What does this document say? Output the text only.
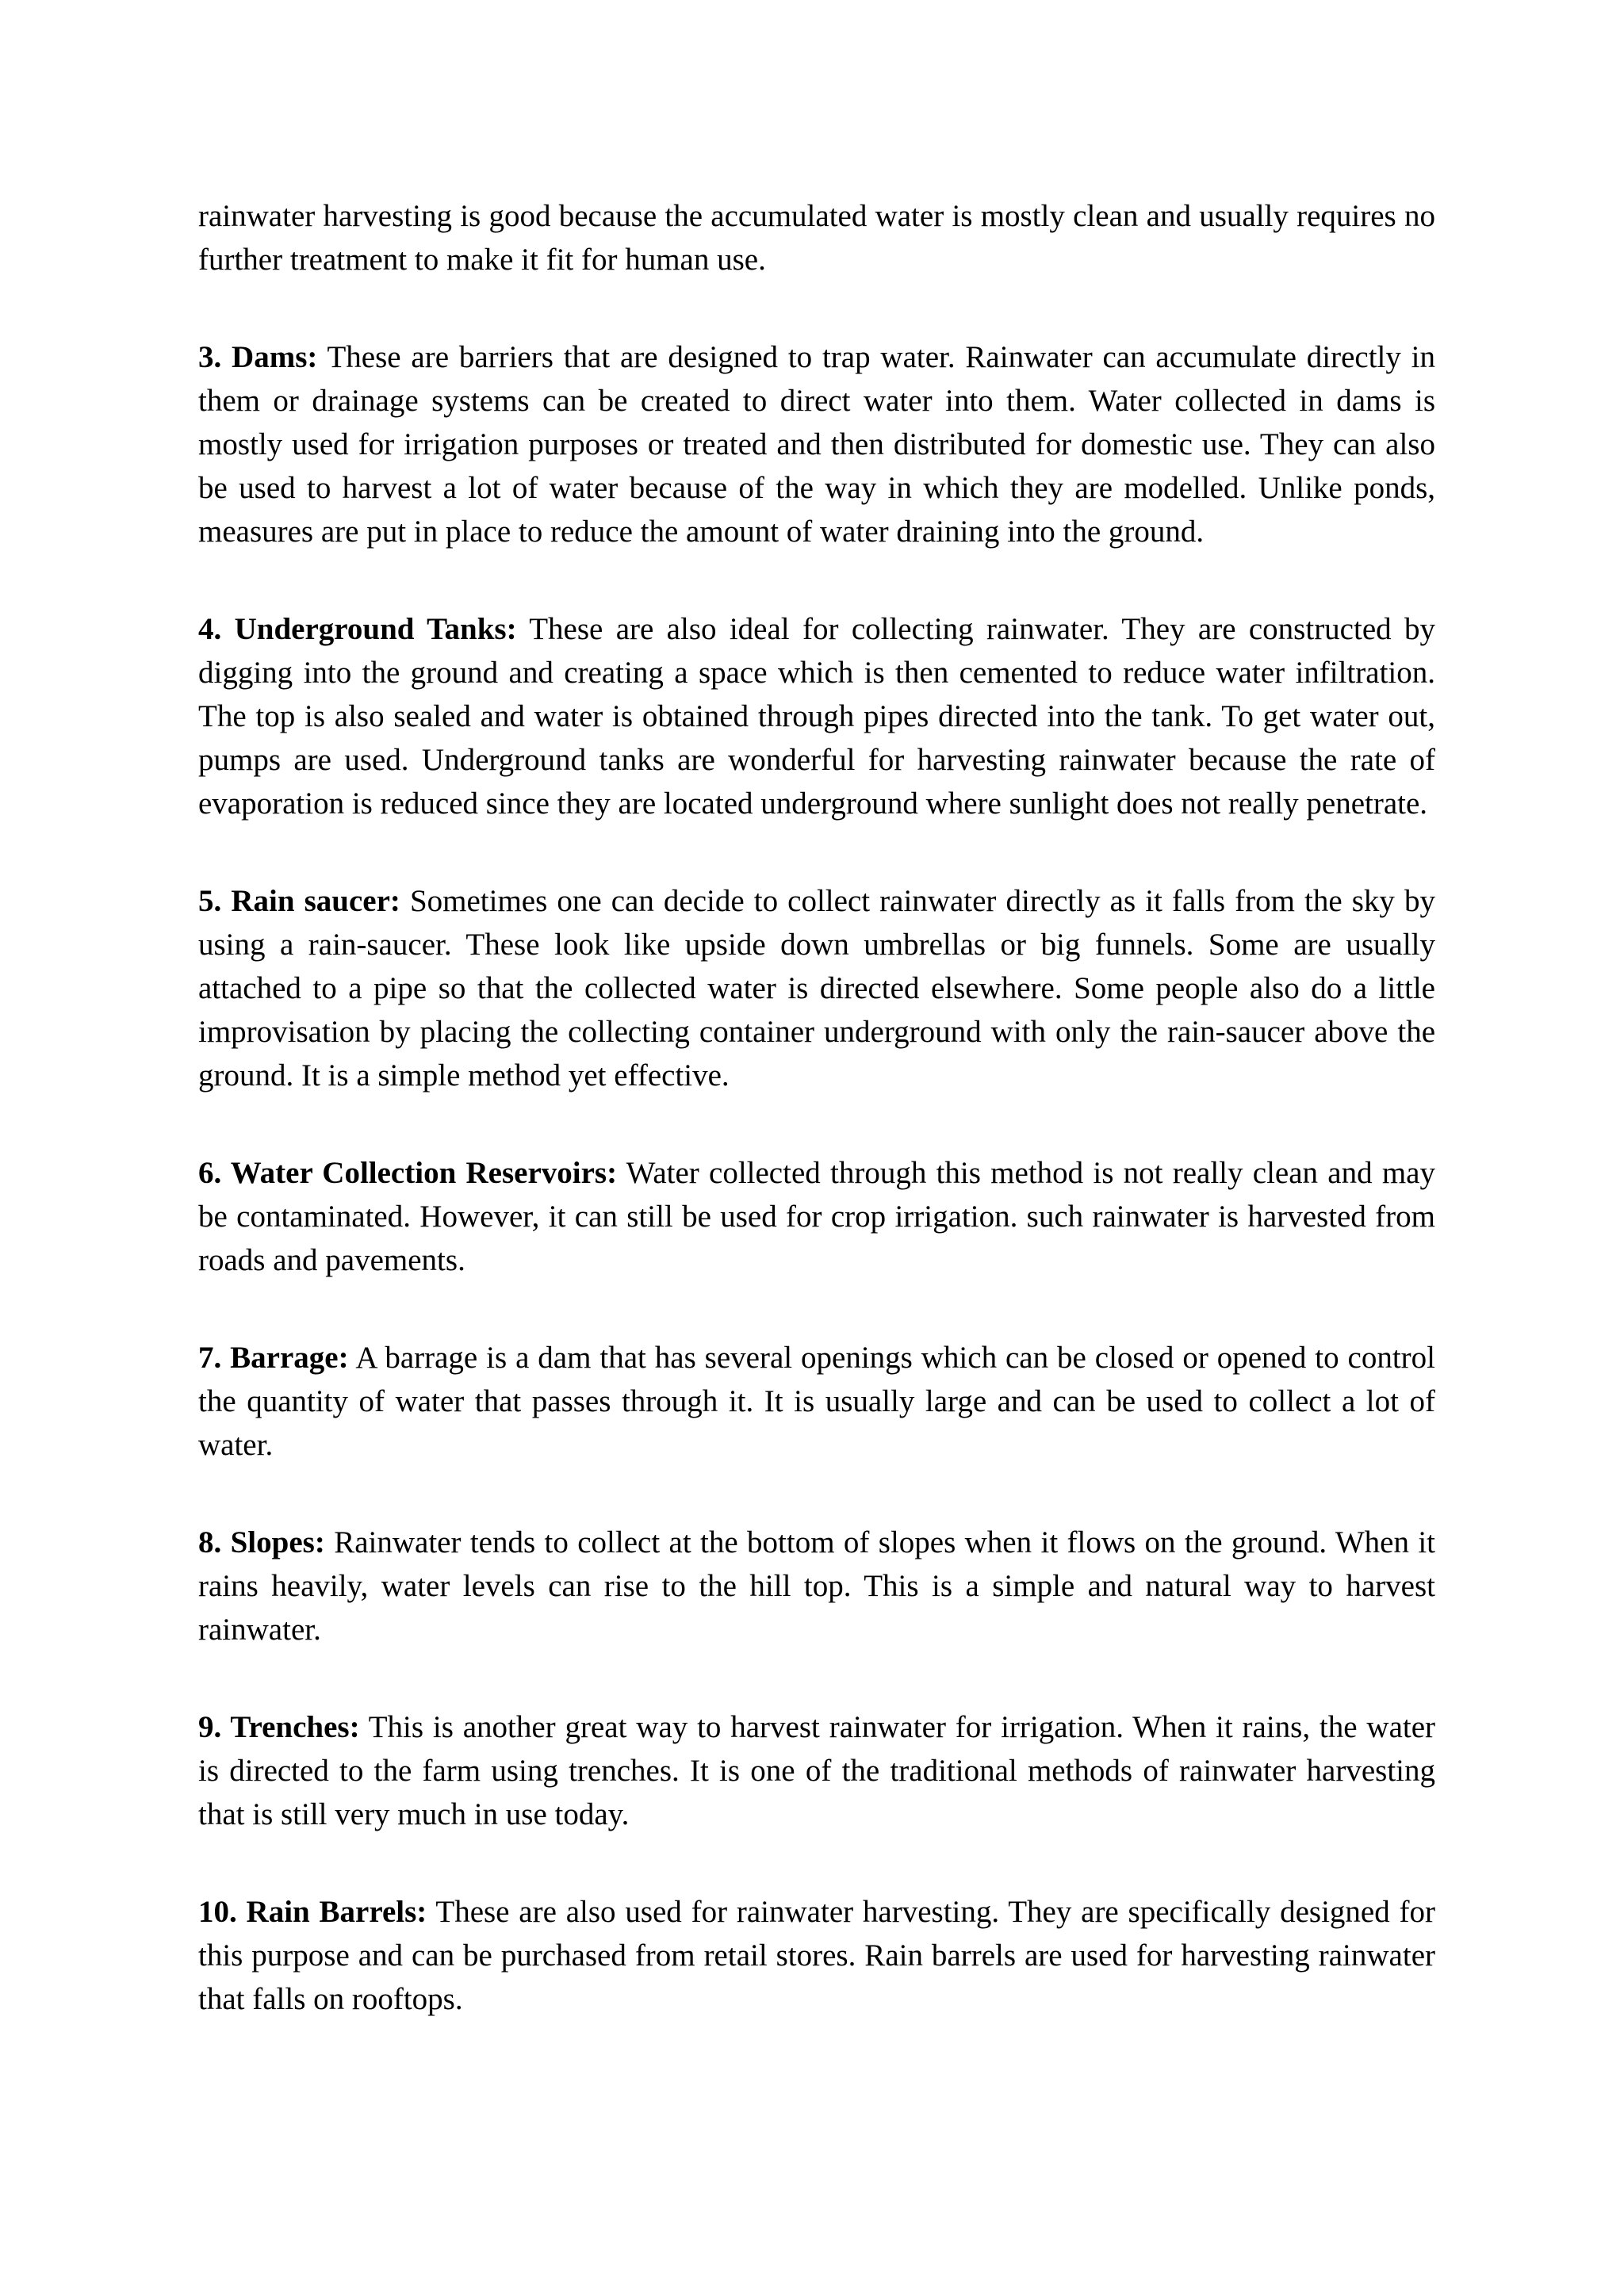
rainwater harvesting is good because the accumulated water is mostly clean and usually requires no further treatment to make it fit for human use.

3. Dams: These are barriers that are designed to trap water. Rainwater can accumulate directly in them or drainage systems can be created to direct water into them. Water collected in dams is mostly used for irrigation purposes or treated and then distributed for domestic use. They can also be used to harvest a lot of water because of the way in which they are modelled. Unlike ponds, measures are put in place to reduce the amount of water draining into the ground.

4. Underground Tanks: These are also ideal for collecting rainwater. They are constructed by digging into the ground and creating a space which is then cemented to reduce water infiltration. The top is also sealed and water is obtained through pipes directed into the tank. To get water out, pumps are used. Underground tanks are wonderful for harvesting rainwater because the rate of evaporation is reduced since they are located underground where sunlight does not really penetrate.

5. Rain saucer: Sometimes one can decide to collect rainwater directly as it falls from the sky by using a rain-saucer. These look like upside down umbrellas or big funnels. Some are usually attached to a pipe so that the collected water is directed elsewhere. Some people also do a little improvisation by placing the collecting container underground with only the rain-saucer above the ground. It is a simple method yet effective.

6. Water Collection Reservoirs: Water collected through this method is not really clean and may be contaminated. However, it can still be used for crop irrigation. such rainwater is harvested from roads and pavements.

7. Barrage: A barrage is a dam that has several openings which can be closed or opened to control the quantity of water that passes through it. It is usually large and can be used to collect a lot of water.

8. Slopes: Rainwater tends to collect at the bottom of slopes when it flows on the ground. When it rains heavily, water levels can rise to the hill top. This is a simple and natural way to harvest rainwater.

9. Trenches: This is another great way to harvest rainwater for irrigation. When it rains, the water is directed to the farm using trenches. It is one of the traditional methods of rainwater harvesting that is still very much in use today.

10. Rain Barrels: These are also used for rainwater harvesting. They are specifically designed for this purpose and can be purchased from retail stores. Rain barrels are used for harvesting rainwater that falls on rooftops.
